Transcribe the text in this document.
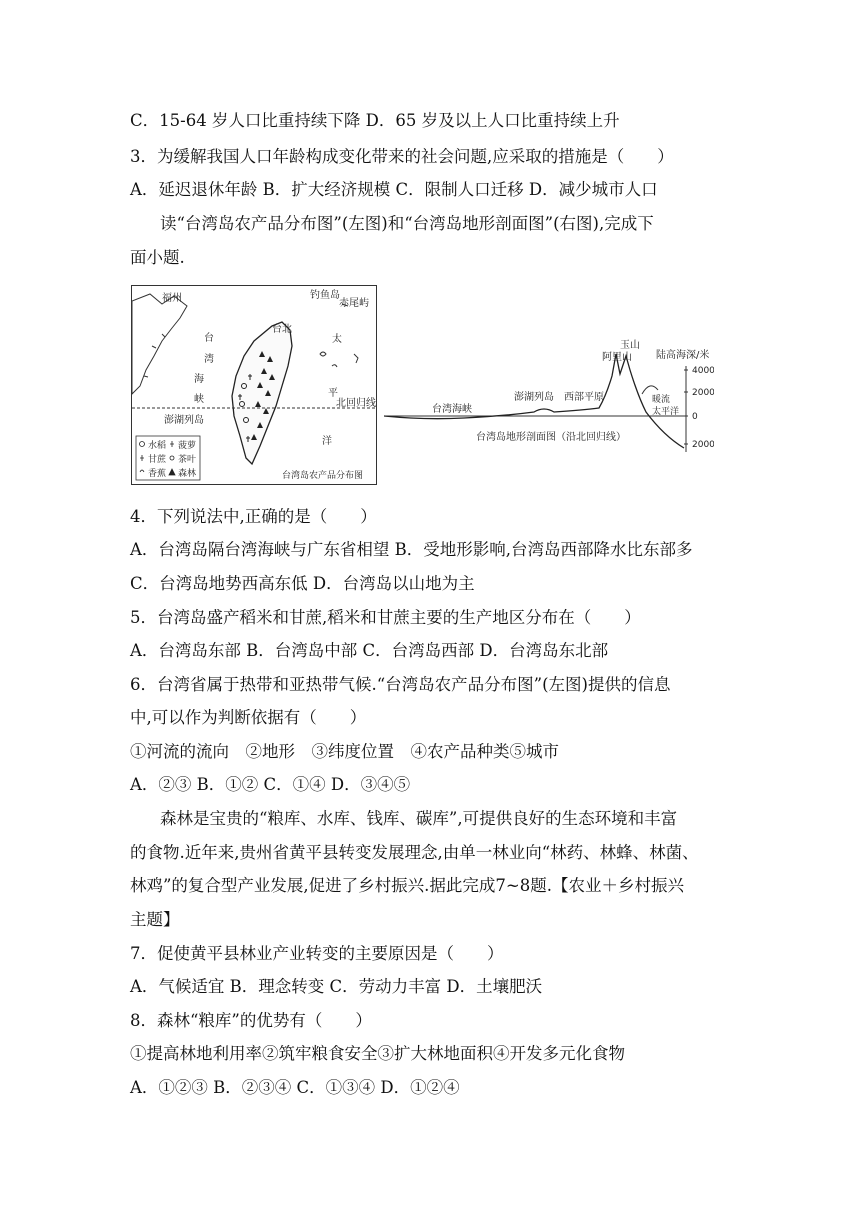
C．15-64 岁人口比重持续下降 D．65 岁及以上人口比重持续上升
3．为缓解我国人口年龄构成变化带来的社会问题,应采取的措施是（　　）
A．延迟退休年龄 B．扩大经济规模 C．限制人口迁移 D．减少城市人口
读“台湾岛农产品分布图”(左图)和“台湾岛地形剖面图”(右图),完成下
面小题.
福州	钓鱼岛
赤尾屿
台北
台
湾
海
峡
澎湖列岛
太
平
洋
北回归线
台湾岛农产品分布图
水稻 菠萝
甘蔗 茶叶
香蕉 森林
玉山
阿里山 陆高海深/米
台湾海峡
澎湖列岛 西部平原	暖流
太平洋
4000
2000
0
2000
台湾岛地形剖面图（沿北回归线）
4．下列说法中,正确的是（　　）
A．台湾岛隔台湾海峡与广东省相望 B．受地形影响,台湾岛西部降水比东部多
C．台湾岛地势西高东低 D．台湾岛以山地为主
5．台湾岛盛产稻米和甘蔗,稻米和甘蔗主要的生产地区分布在（　　）
A．台湾岛东部 B．台湾岛中部 C．台湾岛西部 D．台湾岛东北部
6．台湾省属于热带和亚热带气候.“台湾岛农产品分布图”(左图)提供的信息
中,可以作为判断依据有（　　）
①河流的流向　②地形　③纬度位置　④农产品种类⑤城市
A．②③ B．①② C．①④ D．③④⑤
森林是宝贵的“粮库、水库、钱库、碳库”,可提供良好的生态环境和丰富
的食物.近年来,贵州省黄平县转变发展理念,由单一林业向“林药、林蜂、林菌、
林鸡”的复合型产业发展,促进了乡村振兴.据此完成7~8题.【农业＋乡村振兴
主题】
7．促使黄平县林业产业转变的主要原因是（　　）
A．气候适宜 B．理念转变 C．劳动力丰富 D．土壤肥沃
8．森林“粮库”的优势有（　　）
①提高林地利用率②筑牢粮食安全③扩大林地面积④开发多元化食物
A．①②③ B．②③④ C．①③④ D．①②④
